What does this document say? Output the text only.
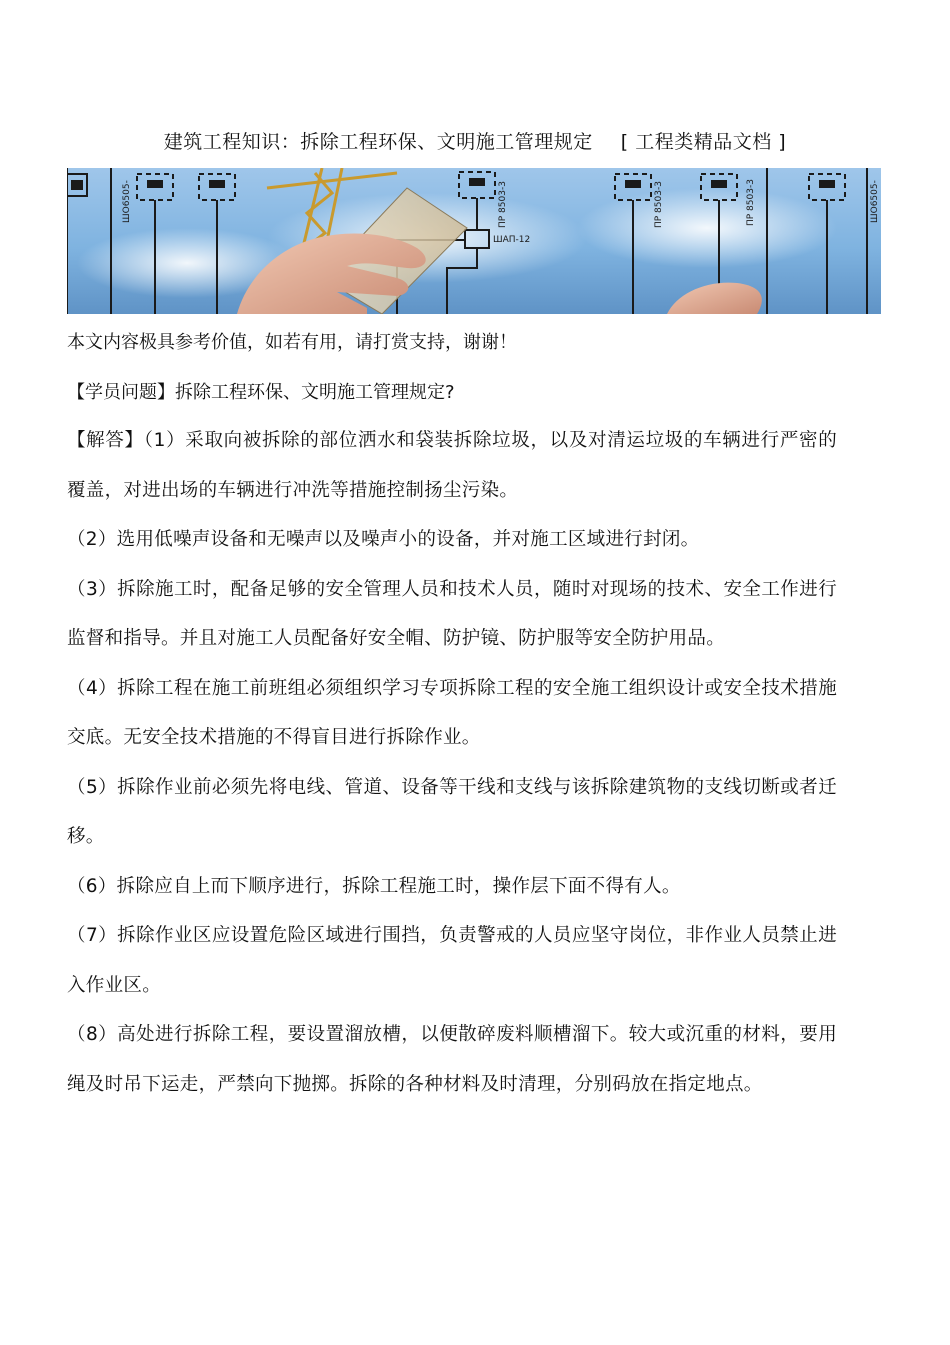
建筑工程知识：拆除工程环保、文明施工管理规定 [ 工程类精品文档 ]
ШО6505-	ПР 8503-3
ШАП-12
ПР 8503-3	ПР 8503-3	ШО6505-
本文内容极具参考价值，如若有用，请打赏支持，谢谢！
【学员问题】拆除工程环保、文明施工管理规定?

【解答】（1）采取向被拆除的部位洒水和袋装拆除垃圾，以及对清运垃圾的车辆进行严密的覆盖，对进出场的车辆进行冲洗等措施控制扬尘污染。

（2）选用低噪声设备和无噪声以及噪声小的设备，并对施工区域进行封闭。

（3）拆除施工时，配备足够的安全管理人员和技术人员，随时对现场的技术、安全工作进行监督和指导。并且对施工人员配备好安全帽、防护镜、防护服等安全防护用品。

（4）拆除工程在施工前班组必须组织学习专项拆除工程的安全施工组织设计或安全技术措施交底。无安全技术措施的不得盲目进行拆除作业。

（5）拆除作业前必须先将电线、管道、设备等干线和支线与该拆除建筑物的支线切断或者迁移。

（6）拆除应自上而下顺序进行，拆除工程施工时，操作层下面不得有人。

（7）拆除作业区应设置危险区域进行围挡，负责警戒的人员应坚守岗位，非作业人员禁止进入作业区。

（8）高处进行拆除工程，要设置溜放槽，以便散碎废料顺槽溜下。较大或沉重的材料，要用绳及时吊下运走，严禁向下抛掷。拆除的各种材料及时清理，分别码放在指定地点。
